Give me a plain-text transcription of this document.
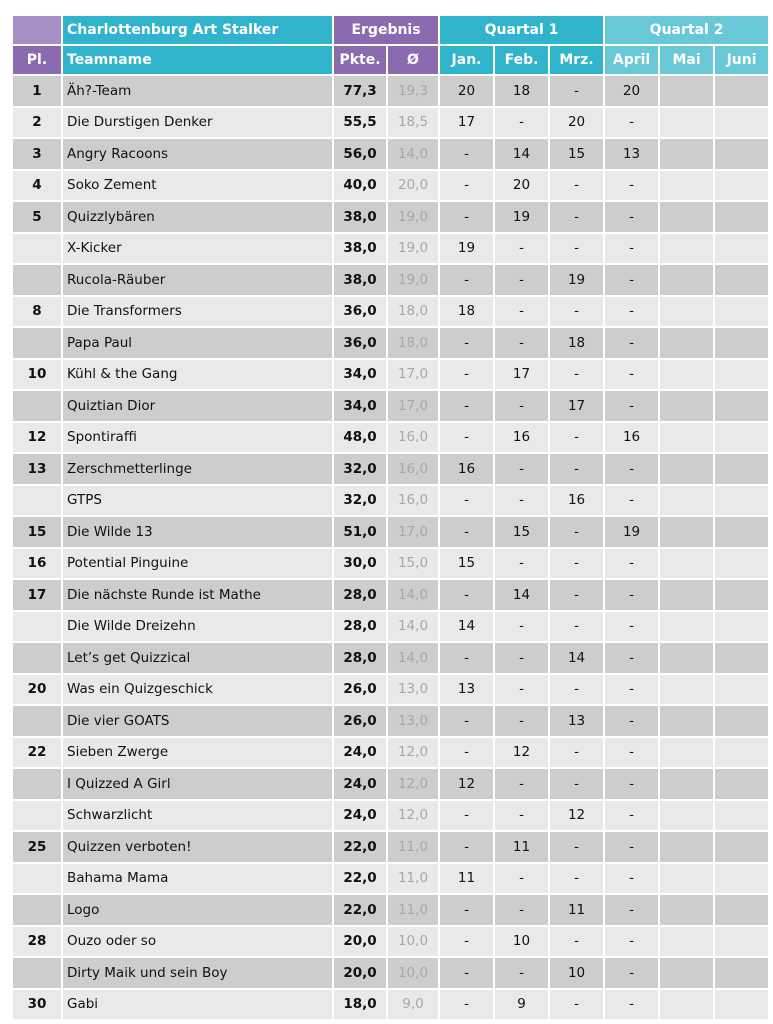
	Charlottenburg Art Stalker	Ergebnis		Quartal 1			Quartal 2		
Pl.	Teamname	Pkte.	Ø	Jan.	Feb.	Mrz.	April	Mai	Juni
1	Äh?-Team	77,3	19,3	20	18	-	20		
2	Die Durstigen Denker	55,5	18,5	17	-	20	-		
3	Angry Racoons	56,0	14,0	-	14	15	13		
4	Soko Zement	40,0	20,0	-	20	-	-		
5	Quizzlybären	38,0	19,0	-	19	-	-		
	X-Kicker	38,0	19,0	19	-	-	-		
	Rucola-Räuber	38,0	19,0	-	-	19	-		
8	Die Transformers	36,0	18,0	18	-	-	-		
	Papa Paul	36,0	18,0	-	-	18	-		
10	Kühl & the Gang	34,0	17,0	-	17	-	-		
	Quiztian Dior	34,0	17,0	-	-	17	-		
12	Spontiraffi	48,0	16,0	-	16	-	16		
13	Zerschmetterlinge	32,0	16,0	16	-	-	-		
	GTPS	32,0	16,0	-	-	16	-		
15	Die Wilde 13	51,0	17,0	-	15	-	19		
16	Potential Pinguine	30,0	15,0	15	-	-	-		
17	Die nächste Runde ist Mathe	28,0	14,0	-	14	-	-		
	Die Wilde Dreizehn	28,0	14,0	14	-	-	-		
	Let’s get Quizzical	28,0	14,0	-	-	14	-		
20	Was ein Quizgeschick	26,0	13,0	13	-	-	-		
	Die vier GOATS	26,0	13,0	-	-	13	-		
22	Sieben Zwerge	24,0	12,0	-	12	-	-		
	I Quizzed A Girl	24,0	12,0	12	-	-	-		
	Schwarzlicht	24,0	12,0	-	-	12	-		
25	Quizzen verboten!	22,0	11,0	-	11	-	-		
	Bahama Mama	22,0	11,0	11	-	-	-		
	Logo	22,0	11,0	-	-	11	-		
28	Ouzo oder so	20,0	10,0	-	10	-	-		
	Dirty Maik und sein Boy	20,0	10,0	-	-	10	-		
30	Gabi	18,0	9,0	-	9	-	-		
